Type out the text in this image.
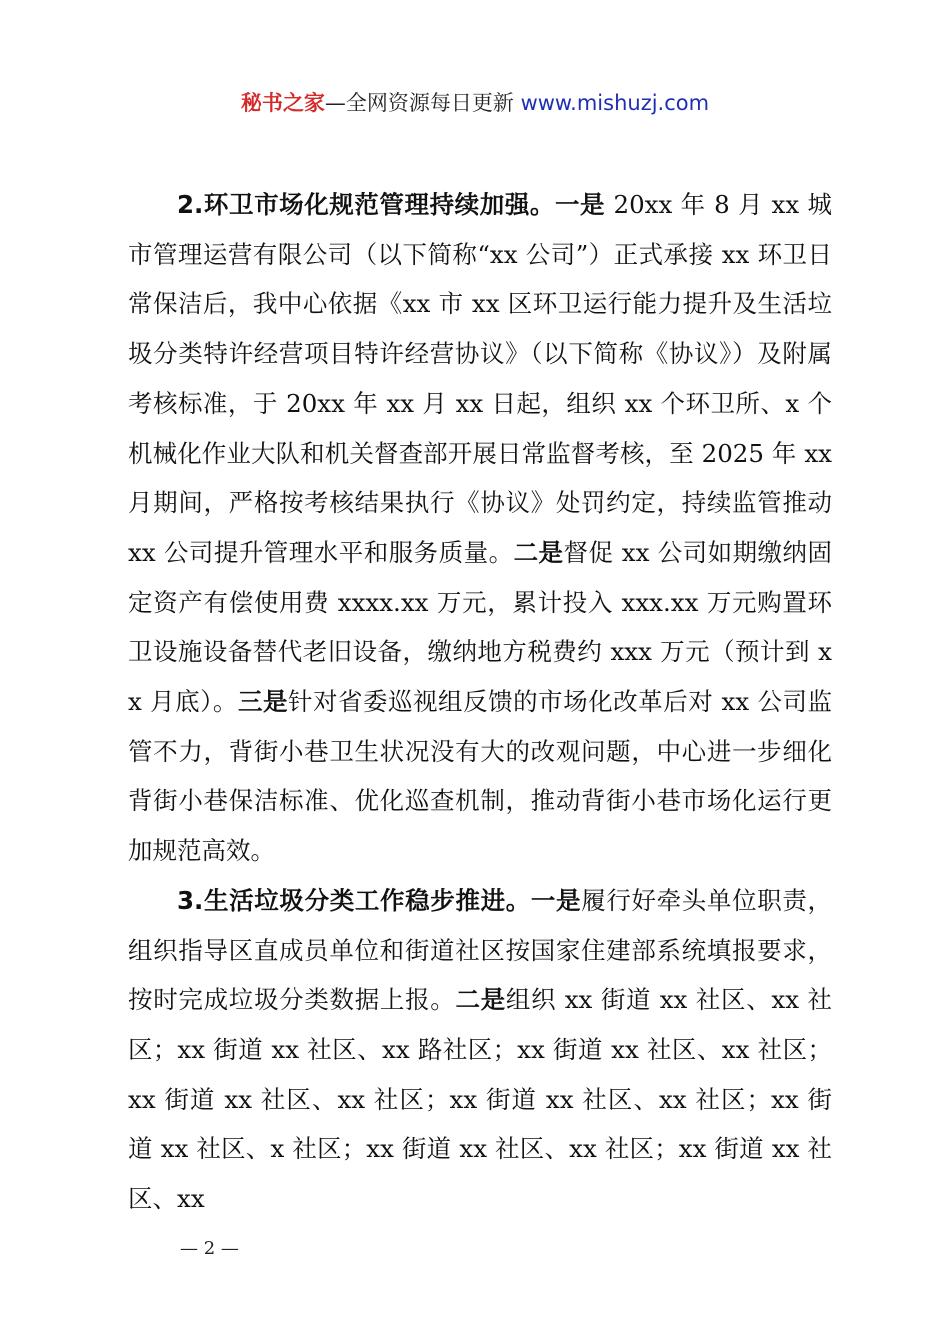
秘书之家—全网资源每日更新 www.mishuzj.com

2.环卫市场化规范管理持续加强。一是 20xx 年 8 月 xx 城市管理运营有限公司（以下简称“xx 公司”）正式承接 xx 环卫日常保洁后，我中心依据《xx 市 xx 区环卫运行能力提升及生活垃圾分类特许经营项目特许经营协议》（以下简称《协议》）及附属考核标准，于 20xx 年 xx 月 xx 日起，组织 xx 个环卫所、x 个机械化作业大队和机关督查部开展日常监督考核，至 2025 年 xx 月期间，严格按考核结果执行《协议》处罚约定，持续监管推动 xx 公司提升管理水平和服务质量。二是督促 xx 公司如期缴纳固定资产有偿使用费 xxxx.xx 万元，累计投入 xxx.xx 万元购置环卫设施设备替代老旧设备，缴纳地方税费约 xxx 万元（预计到 xx 月底）。三是针对省委巡视组反馈的市场化改革后对 xx 公司监管不力，背街小巷卫生状况没有大的改观问题，中心进一步细化背街小巷保洁标准、优化巡查机制，推动背街小巷市场化运行更加规范高效。

3.生活垃圾分类工作稳步推进。一是履行好牵头单位职责，组织指导区直成员单位和街道社区按国家住建部系统填报要求，按时完成垃圾分类数据上报。二是组织 xx 街道 xx 社区、xx 社区；xx 街道 xx 社区、xx 路社区；xx 街道 xx 社区、xx 社区；xx 街道 xx 社区、xx 社区；xx 街道 xx 社区、xx 社区；xx 街道 xx 社区、x 社区；xx 街道 xx 社区、xx 社区；xx 街道 xx 社区、xx

— 2 —
